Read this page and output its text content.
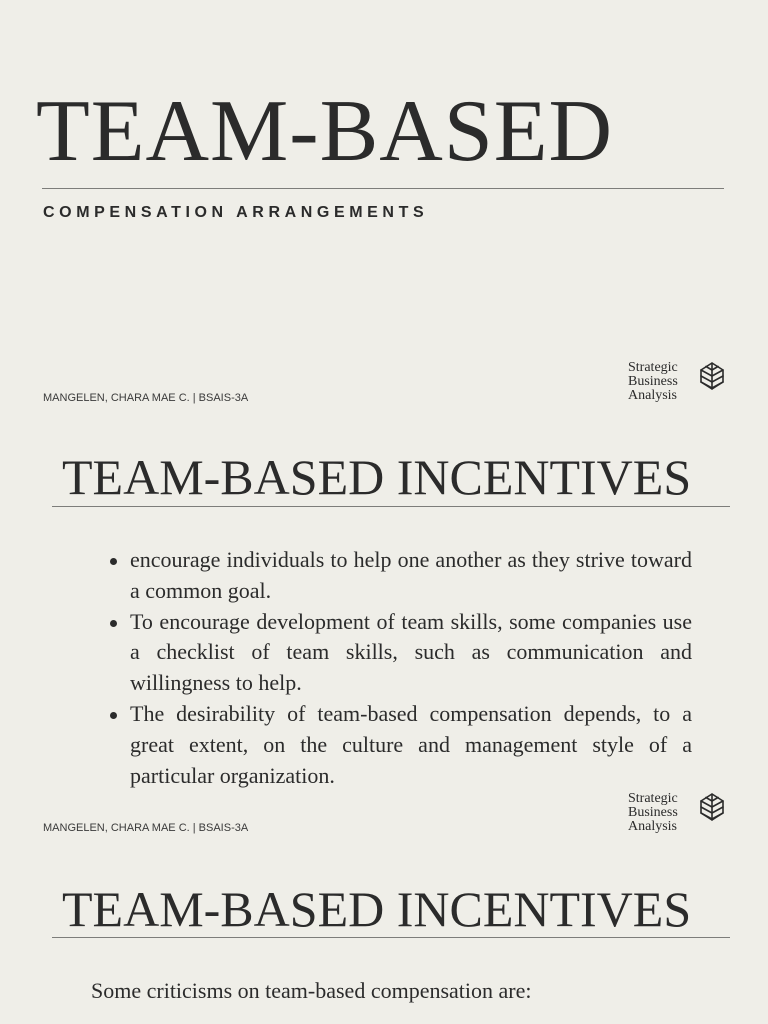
TEAM-BASED
COMPENSATION ARRANGEMENTS
MANGELEN, CHARA MAE C. | BSAIS-3A
Strategic
Business
Analysis
TEAM-BASED INCENTIVES
encourage individuals to help one another as they strive toward a common goal.
To encourage development of team skills, some companies use a checklist of team skills, such as communication and willingness to help.
The desirability of team-based compensation depends, to a great extent, on the culture and management style of a particular organization.
MANGELEN, CHARA MAE C. | BSAIS-3A
Strategic
Business
Analysis
TEAM-BASED INCENTIVES

Some criticisms on team-based compensation are:
